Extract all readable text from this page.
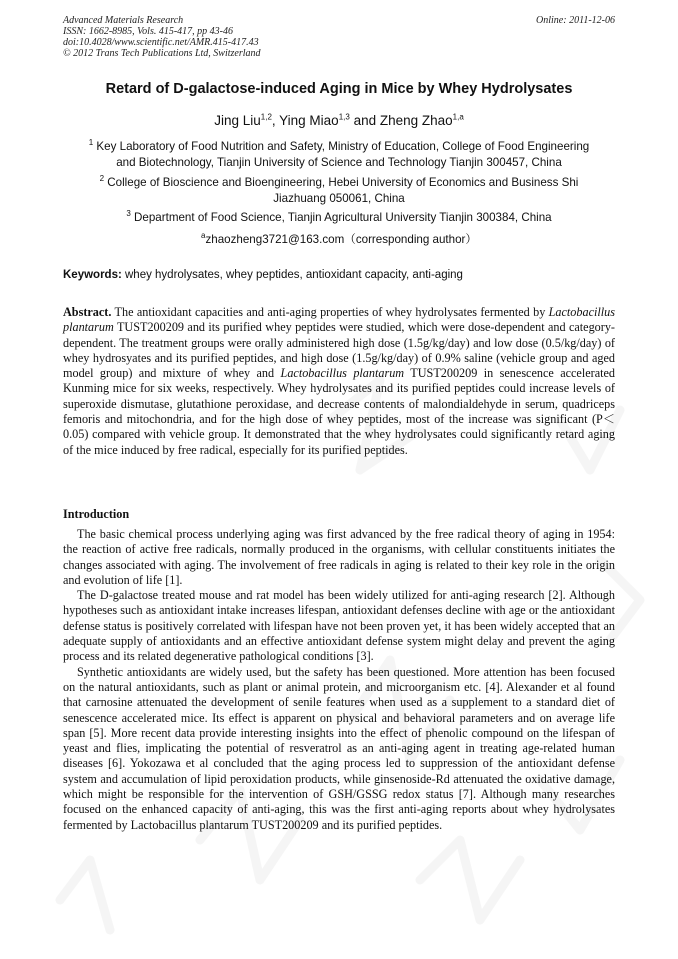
Advanced Materials Research
ISSN: 1662-8985, Vols. 415-417, pp 43-46
doi:10.4028/www.scientific.net/AMR.415-417.43
© 2012 Trans Tech Publications Ltd, Switzerland
Online: 2011-12-06
Retard of D-galactose-induced Aging in Mice by Whey Hydrolysates
Jing Liu$^{1,2}$, Ying Miao$^{1,3}$ and Zheng Zhao$^{1,a}$
$^1$ Key Laboratory of Food Nutrition and Safety, Ministry of Education, College of Food Engineering
and Biotechnology, Tianjin University of Science and Technology Tianjin 300457, China
$^2$ College of Bioscience and Bioengineering, Hebei University of Economics and Business Shi
Jiazhuang 050061, China
$^3$ Department of Food Science, Tianjin Agricultural University Tianjin 300384, China
$^a$zhaozheng3721@163.com（corresponding author）
Keywords: whey hydrolysates, whey peptides, antioxidant capacity, anti-aging
Abstract. The antioxidant capacities and anti-aging properties of whey hydrolysates fermented by Lactobacillus plantarum TUST200209 and its purified whey peptides were studied, which were dose-dependent and category-dependent. The treatment groups were orally administered high dose (1.5g/kg/day) and low dose (0.5/kg/day) of whey hydrosyates and its purified peptides, and high dose (1.5g/kg/day) of 0.9% saline (vehicle group and aged model group) and mixture of whey and Lactobacillus plantarum TUST200209 in senescence accelerated Kunming mice for six weeks, respectively. Whey hydrolysates and its purified peptides could increase levels of superoxide dismutase, glutathione peroxidase, and decrease contents of malondialdehyde in serum, quadriceps femoris and mitochondria, and for the high dose of whey peptides, most of the increase was significant (P＜0.05) compared with vehicle group. It demonstrated that the whey hydrolysates could significantly retard aging of the mice induced by free radical, especially for its purified peptides.
Introduction

The basic chemical process underlying aging was first advanced by the free radical theory of aging in 1954: the reaction of active free radicals, normally produced in the organisms, with cellular constituents initiates the changes associated with aging. The involvement of free radicals in aging is related to their key role in the origin and evolution of life [1].

The D-galactose treated mouse and rat model has been widely utilized for anti-aging research [2]. Although hypotheses such as antioxidant intake increases lifespan, antioxidant defenses decline with age or the antioxidant defense status is positively correlated with lifespan have not been proven yet, it has been widely accepted that an adequate supply of antioxidants and an effective antioxidant defense system might delay and prevent the aging process and its related degenerative pathological conditions [3].

Synthetic antioxidants are widely used, but the safety has been questioned. More attention has been focused on the natural antioxidants, such as plant or animal protein, and microorganism etc. [4]. Alexander et al found that carnosine attenuated the development of senile features when used as a supplement to a standard diet of senescence accelerated mice. Its effect is apparent on physical and behavioral parameters and on average life span [5]. More recent data provide interesting insights into the effect of phenolic compound on the lifespan of yeast and flies, implicating the potential of resveratrol as an anti-aging agent in treating age-related human diseases [6]. Yokozawa et al concluded that the aging process led to suppression of the antioxidant defense system and accumulation of lipid peroxidation products, while ginsenoside-Rd attenuated the oxidative damage, which might be responsible for the intervention of GSH/GSSG redox status [7]. Although many researches focused on the enhanced capacity of anti-aging, this was the first anti-aging reports about whey hydrolysates fermented by Lactobacillus plantarum TUST200209 and its purified peptides.
